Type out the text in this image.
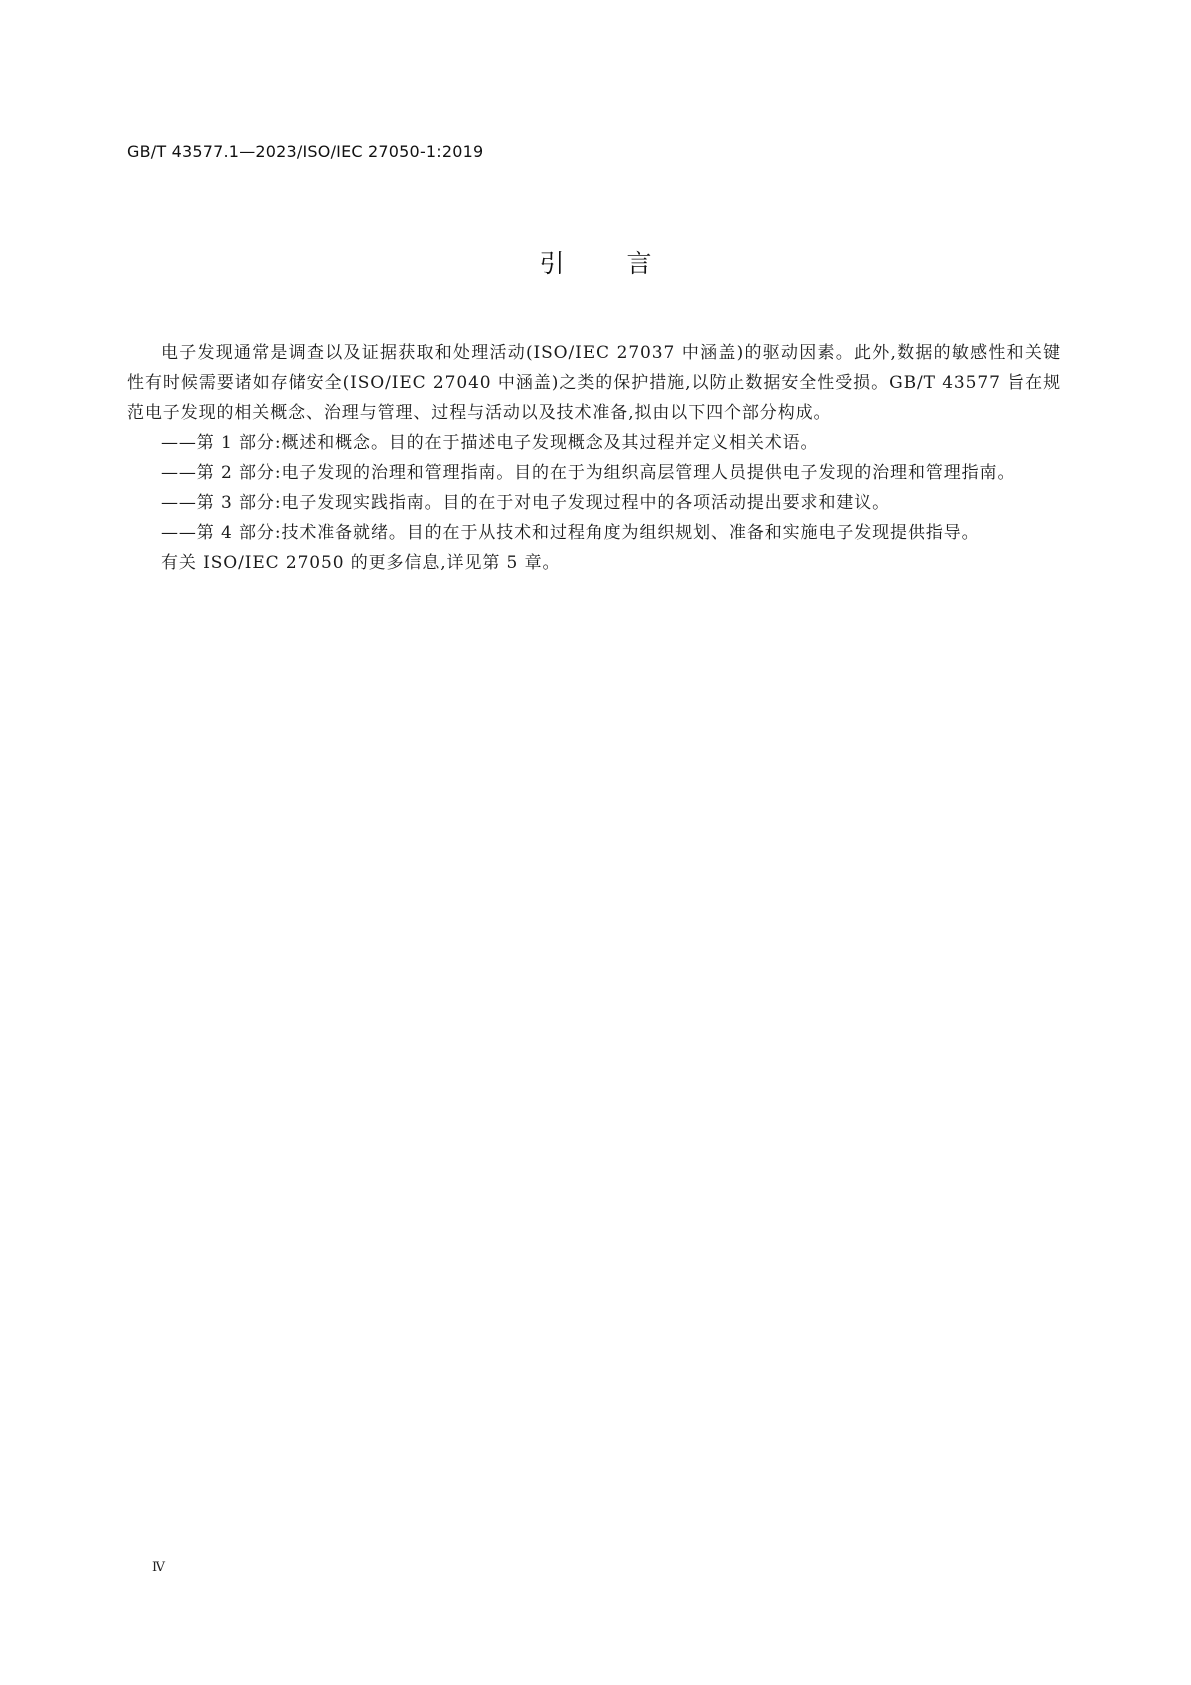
GB/T 43577.1—2023/ISO/IEC 27050-1:2019
引言

电子发现通常是调查以及证据获取和处理活动(ISO/IEC 27037 中涵盖)的驱动因素。此外,数据的敏感性和关键性有时候需要诸如存储安全(ISO/IEC 27040 中涵盖)之类的保护措施,以防止数据安全性受损。GB/T 43577 旨在规范电子发现的相关概念、治理与管理、过程与活动以及技术准备,拟由以下四个部分构成。

——第 1 部分:概述和概念。目的在于描述电子发现概念及其过程并定义相关术语。

——第 2 部分:电子发现的治理和管理指南。目的在于为组织高层管理人员提供电子发现的治理和管理指南。

——第 3 部分:电子发现实践指南。目的在于对电子发现过程中的各项活动提出要求和建议。

——第 4 部分:技术准备就绪。目的在于从技术和过程角度为组织规划、准备和实施电子发现提供指导。

有关 ISO/IEC 27050 的更多信息,详见第 5 章。

Ⅳ
